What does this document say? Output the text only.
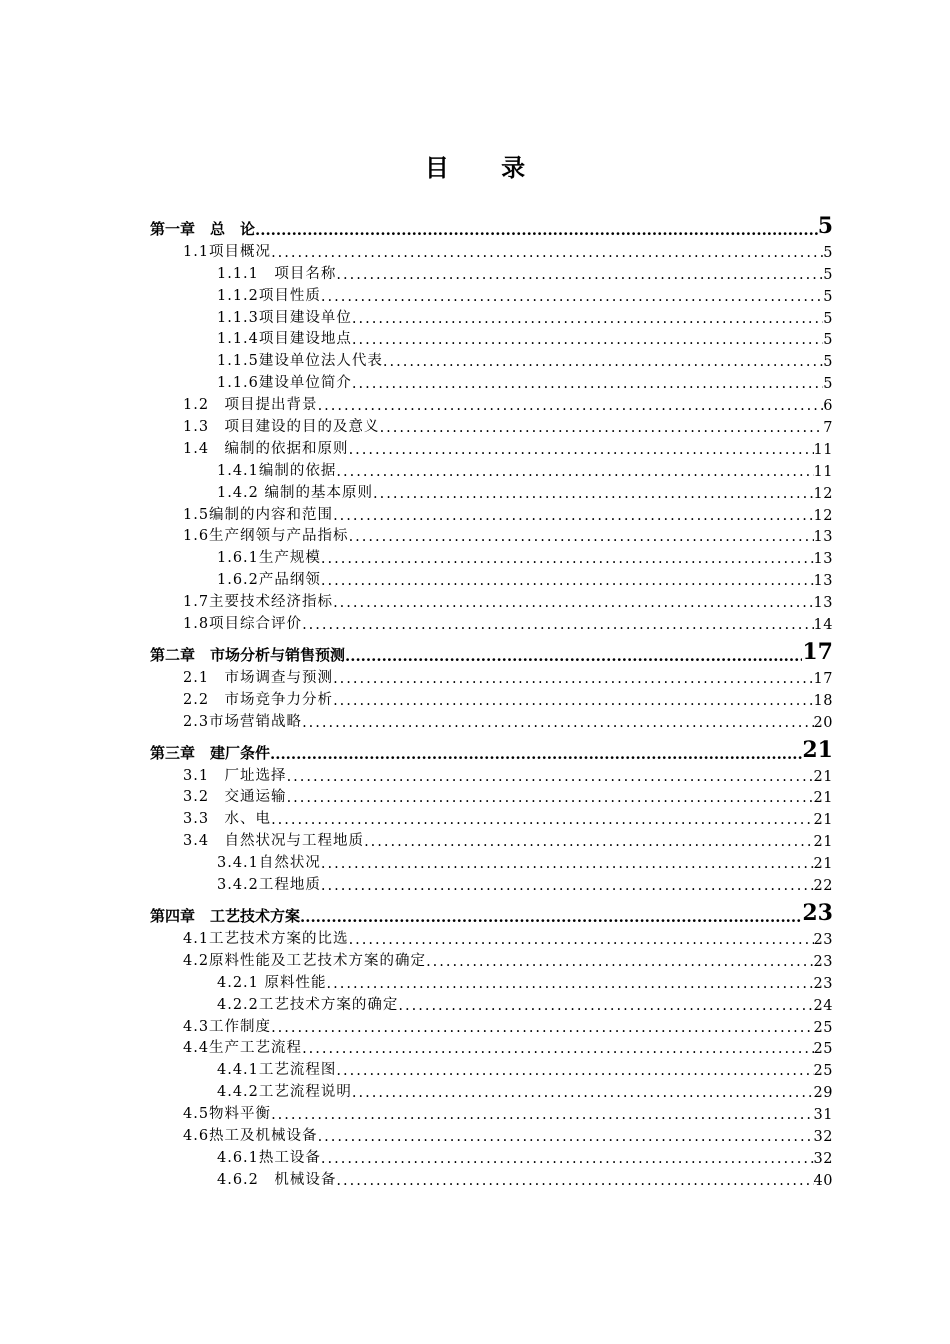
目 录
第一章　总　论 .....	5
1.1项目概况 .....	5
1.1.1　项目名称 .....	5
1.1.2项目性质 .....	5
1.1.3项目建设单位 .....	5
1.1.4项目建设地点 .....	5
1.1.5建设单位法人代表 .....	5
1.1.6建设单位简介 .....	5
1.2　项目提出背景 .....	6
1.3　项目建设的目的及意义 .....	7
1.4　编制的依据和原则 .....	11
1.4.1编制的依据 .....	11
1.4.2 编制的基本原则 .....	12
1.5编制的内容和范围 .....	12
1.6生产纲领与产品指标 .....	13
1.6.1生产规模 .....	13
1.6.2产品纲领 .....	13
1.7主要技术经济指标 .....	13
1.8项目综合评价 .....	14
第二章　市场分析与销售预测 .....	17
2.1　市场调查与预测 .....	17
2.2　市场竞争力分析 .....	18
2.3市场营销战略 .....	20
第三章　建厂条件 .....	21
3.1　厂址选择 .....	21
3.2　交通运输 .....	21
3.3　水、电 .....	21
3.4　自然状况与工程地质 .....	21
3.4.1自然状况 .....	21
3.4.2工程地质 .....	22
第四章　工艺技术方案 .....	23
4.1工艺技术方案的比选 .....	23
4.2原料性能及工艺技术方案的确定 .....	23
4.2.1 原料性能 .....	23
4.2.2工艺技术方案的确定 .....	24
4.3工作制度 .....	25
4.4生产工艺流程 .....	25
4.4.1工艺流程图 .....	25
4.4.2工艺流程说明 .....	29
4.5物料平衡 .....	31
4.6热工及机械设备 .....	32
4.6.1热工设备 .....	32
4.6.2　机械设备 .....	40
